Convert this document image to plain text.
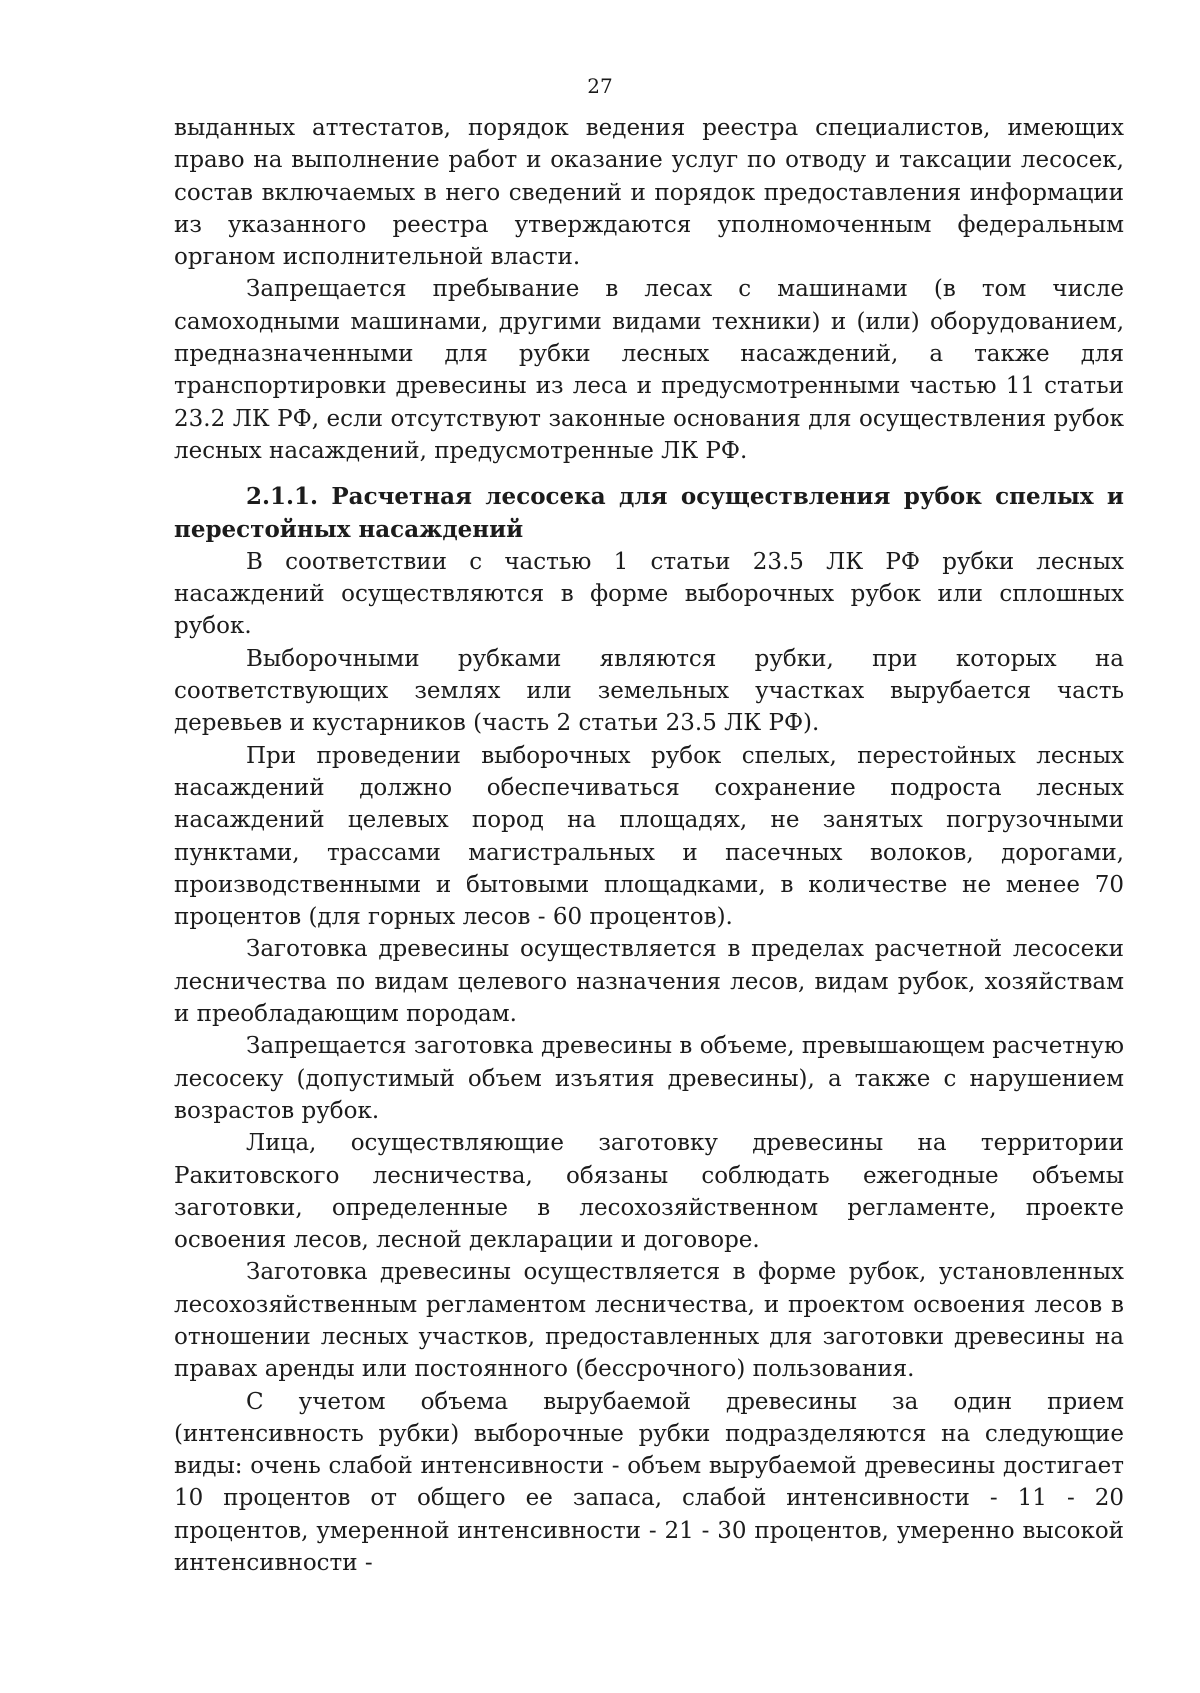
27

выданных аттестатов, порядок ведения реестра специалистов, имеющих право на выполнение работ и оказание услуг по отводу и таксации лесосек, состав включаемых в него сведений и порядок предоставления информации из указанного реестра утверждаются уполномоченным федеральным органом исполнительной власти.

Запрещается пребывание в лесах с машинами (в том числе самоходными машинами, другими видами техники) и (или) оборудованием, предназначенными для рубки лесных насаждений, а также для транспортировки древесины из леса и предусмотренными частью 11 статьи 23.2 ЛК РФ, если отсутствуют законные основания для осуществления рубок лесных насаждений, предусмотренные ЛК РФ.

2.1.1. Расчетная лесосека для осуществления рубок спелых и перестойных насаждений

В соответствии с частью 1 статьи 23.5 ЛК РФ рубки лесных насаждений осуществляются в форме выборочных рубок или сплошных рубок.

Выборочными рубками являются рубки, при которых на соответствующих землях или земельных участках вырубается часть деревьев и кустарников (часть 2 статьи 23.5 ЛК РФ).

При проведении выборочных рубок спелых, перестойных лесных насаждений должно обеспечиваться сохранение подроста лесных насаждений целевых пород на площадях, не занятых погрузочными пунктами, трассами магистральных и пасечных волоков, дорогами, производственными и бытовыми площадками, в количестве не менее 70 процентов (для горных лесов - 60 процентов).

Заготовка древесины осуществляется в пределах расчетной лесосеки лесничества по видам целевого назначения лесов, видам рубок, хозяйствам и преобладающим породам.

Запрещается заготовка древесины в объеме, превышающем расчетную лесосеку (допустимый объем изъятия древесины), а также с нарушением возрастов рубок.

Лица, осуществляющие заготовку древесины на территории Ракитовского лесничества, обязаны соблюдать ежегодные объемы заготовки, определенные в лесохозяйственном регламенте, проекте освоения лесов, лесной декларации и договоре.

Заготовка древесины осуществляется в форме рубок, установленных лесохозяйственным регламентом лесничества, и проектом освоения лесов в отношении лесных участков, предоставленных для заготовки древесины на правах аренды или постоянного (бессрочного) пользования.

С учетом объема вырубаемой древесины за один прием (интенсивность рубки) выборочные рубки подразделяются на следующие виды: очень слабой интенсивности - объем вырубаемой древесины достигает 10 процентов от общего ее запаса, слабой интенсивности - 11 - 20 процентов, умеренной интенсивности - 21 - 30 процентов, умеренно высокой интенсивности -
